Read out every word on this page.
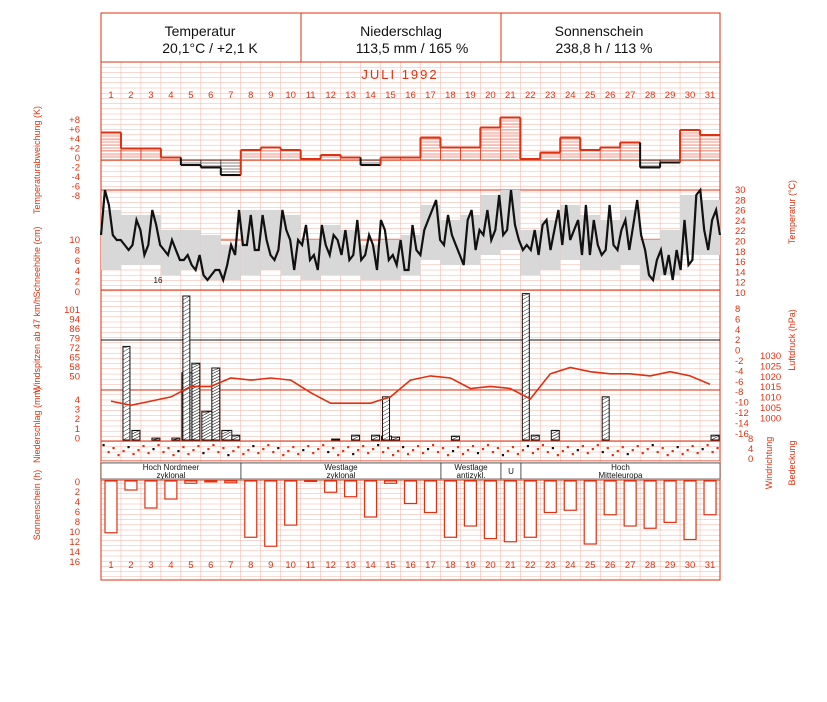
Temperatur
20,1°C / +2,1 K
Niederschlag
113,5 mm / 165 %
Sonnenschein
238,8 h / 113 %
JULI 1992
1 2 3 4 5 6 7 8 9 10 11 12 13 14 15 16 17 18 19 20 21 22 23 24 25 26 27 28 29 30 31
1 2 3 4 5 6 7 8 9 10 11 12 13 14 15 16 17 18 19 20 21 22 23 24 25 26 27 28 29 30 31
+8
+6
+4
+2
0
-2
-4
-6
-8
10
8
6
4
2
0
101
94
86
79
72
65
58
50
4
3
2
1
0
0
2
4
6
8
10
12
14
16
30
28
26
24
22
20
18
16
14
12
10
8
6
4
2
0
-2
-4
-6
-8
-10
-12
-14
-16
1030
1025
1020
1015
1010
1005
1000
8
4
0
Temperaturabweichung (K)
Schneehöhe (cm)
Windspitzen ab 47 km/h
Niederschlag (mm)
Sonnenschein (h)
Temperatur (°C)
Luftdruck (hPa)
Windrichtung Bedeckung
Hoch Nordmeer
zyklonal
Westlage
zyklonal
Westlage
antizykl.	U	Hoch
Mitteleuropa
16
